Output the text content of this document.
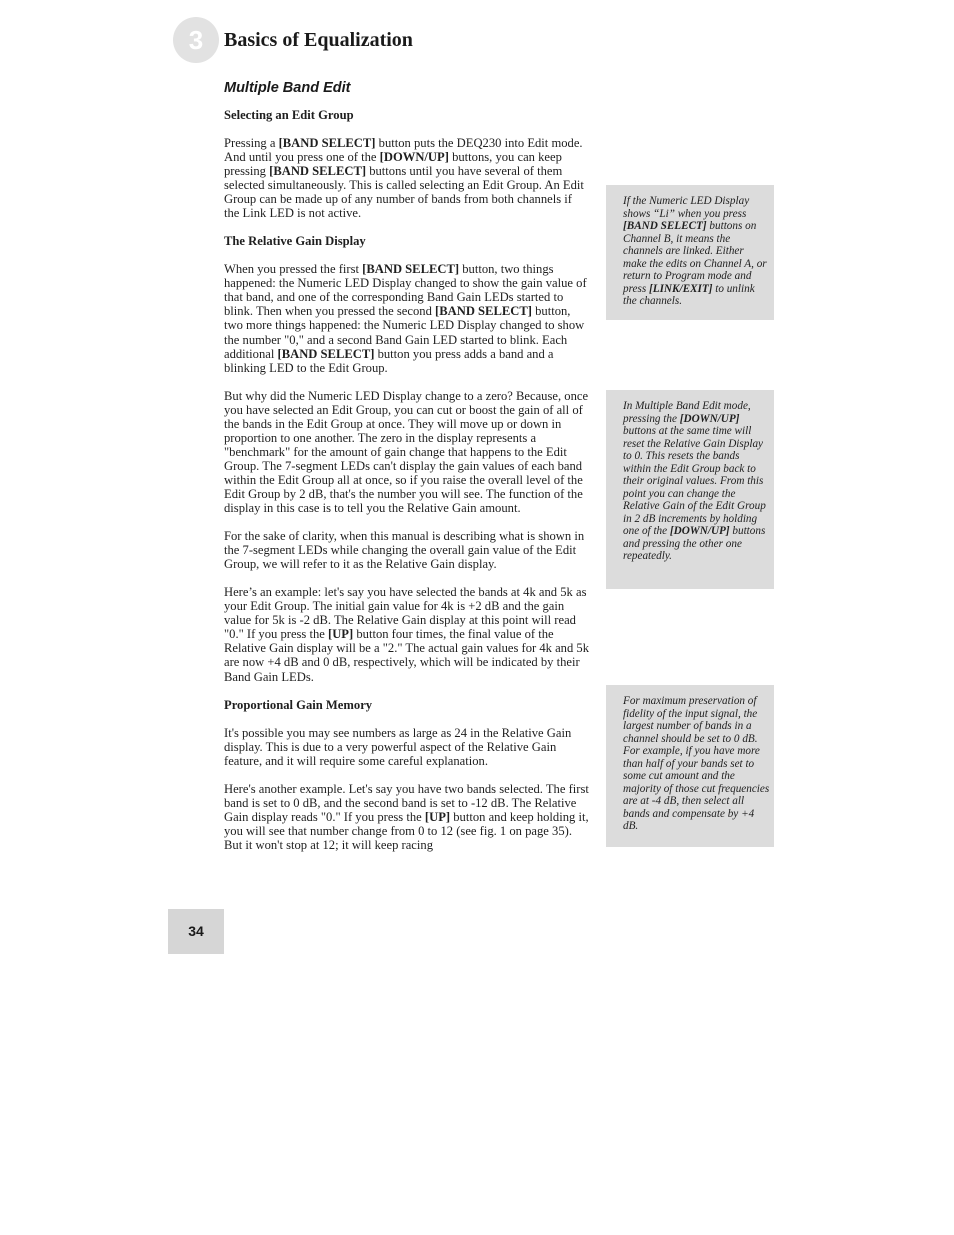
3	Basics of Equalization
Multiple Band Edit
Selecting an Edit Group

Pressing a [BAND SELECT] button puts the DEQ230 into Edit mode. And until you press one of the [DOWN/UP] buttons, you can keep pressing [BAND SELECT] buttons until you have several of them selected simultaneously. This is called selecting an Edit Group. An Edit Group can be made up of any number of bands from both channels if the Link LED is not active.

The Relative Gain Display

When you pressed the first [BAND SELECT] button, two things happened: the Numeric LED Display changed to show the gain value of that band, and one of the corresponding Band Gain LEDs started to blink. Then when you pressed the second [BAND SELECT] button, two more things happened: the Numeric LED Display changed to show the number "0," and a second Band Gain LED started to blink. Each additional [BAND SELECT] button you press adds a band and a blinking LED to the Edit Group.

But why did the Numeric LED Display change to a zero? Because, once you have selected an Edit Group, you can cut or boost the gain of all of the bands in the Edit Group at once. They will move up or down in proportion to one another. The zero in the display represents a "benchmark" for the amount of gain change that happens to the Edit Group. The 7-segment LEDs can't display the gain values of each band within the Edit Group all at once, so if you raise the overall level of the Edit Group by 2 dB, that's the number you will see. The function of the display in this case is to tell you the Relative Gain amount.

For the sake of clarity, when this manual is describing what is shown in the 7-segment LEDs while changing the overall gain value of the Edit Group, we will refer to it as the Relative Gain display.

Here’s an example: let's say you have selected the bands at 4k and 5k as your Edit Group. The initial gain value for 4k is +2 dB and the gain value for 5k is -2 dB. The Relative Gain display at this point will read "0." If you press the [UP] button four times, the final value of the Relative Gain display will be a "2." The actual gain values for 4k and 5k are now +4 dB and 0 dB, respectively, which will be indicated by their Band Gain LEDs.

Proportional Gain Memory

It's possible you may see numbers as large as 24 in the Relative Gain display. This is due to a very powerful aspect of the Relative Gain feature, and it will require some careful explanation.

Here's another example. Let's say you have two bands selected. The first band is set to 0 dB, and the second band is set to -12 dB. The Relative Gain display reads "0." If you press the [UP] button and keep holding it, you will see that number change from 0 to 12 (see fig. 1 on page 35). But it won't stop at 12; it will keep racing

If the Numeric LED Display shows “Li” when you press [BAND SELECT] buttons on Channel B, it means the channels are linked. Either make the edits on Channel A, or return to Program mode and press [LINK/EXIT] to unlink the channels.
In Multiple Band Edit mode, pressing the [DOWN/UP] buttons at the same time will reset the Relative Gain Display to 0. This resets the bands within the Edit Group back to their original values. From this point you can change the Relative Gain of the Edit Group in 2 dB increments by holding one of the [DOWN/UP] buttons and pressing the other one repeatedly.
For maximum preservation of fidelity of the input signal, the largest number of bands in a channel should be set to 0 dB. For example, if you have more than half of your bands set to some cut amount and the majority of those cut frequencies are at -4 dB, then select all bands and compensate by +4 dB.
34
